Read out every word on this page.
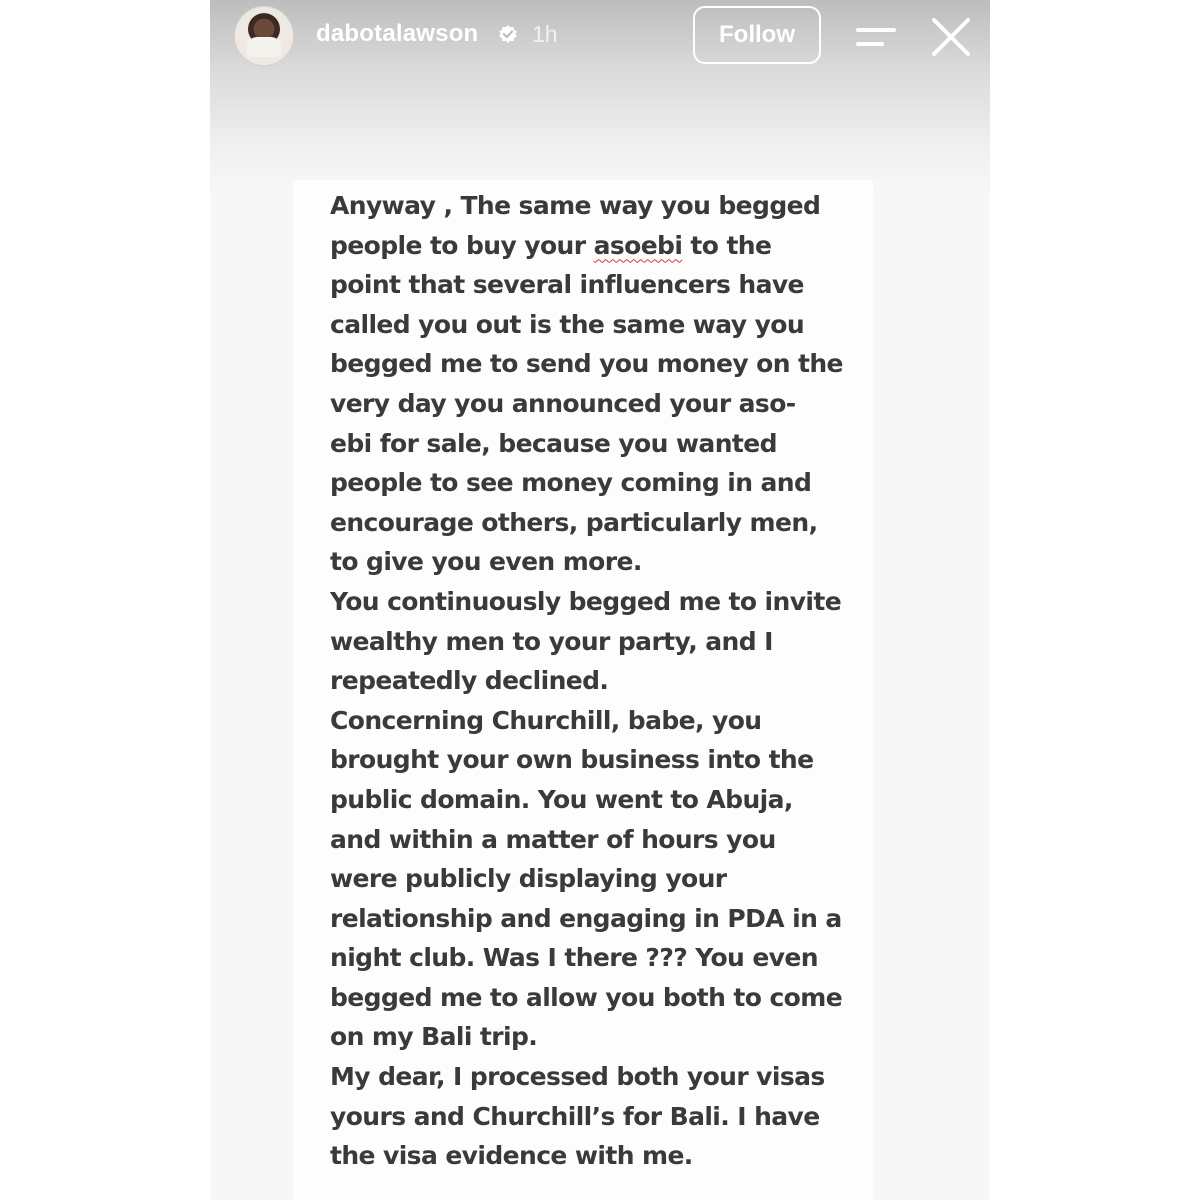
dabotalawson 1h	Follow

Anyway , The same way you begged

people to buy your asoebi to the

point that several influencers have

called you out is the same way you

begged me to send you money on the

very day you announced your aso-

ebi for sale, because you wanted

people to see money coming in and

encourage others, particularly men,

to give you even more.

You continuously begged me to invite

wealthy men to your party, and I

repeatedly declined.

Concerning Churchill, babe, you

brought your own business into the

public domain. You went to Abuja,

and within a matter of hours you

were publicly displaying your

relationship and engaging in PDA in a

night club. Was I there ??? You even

begged me to allow you both to come

on my Bali trip.

My dear, I processed both your visas

yours and Churchill’s for Bali. I have

the visa evidence with me.
